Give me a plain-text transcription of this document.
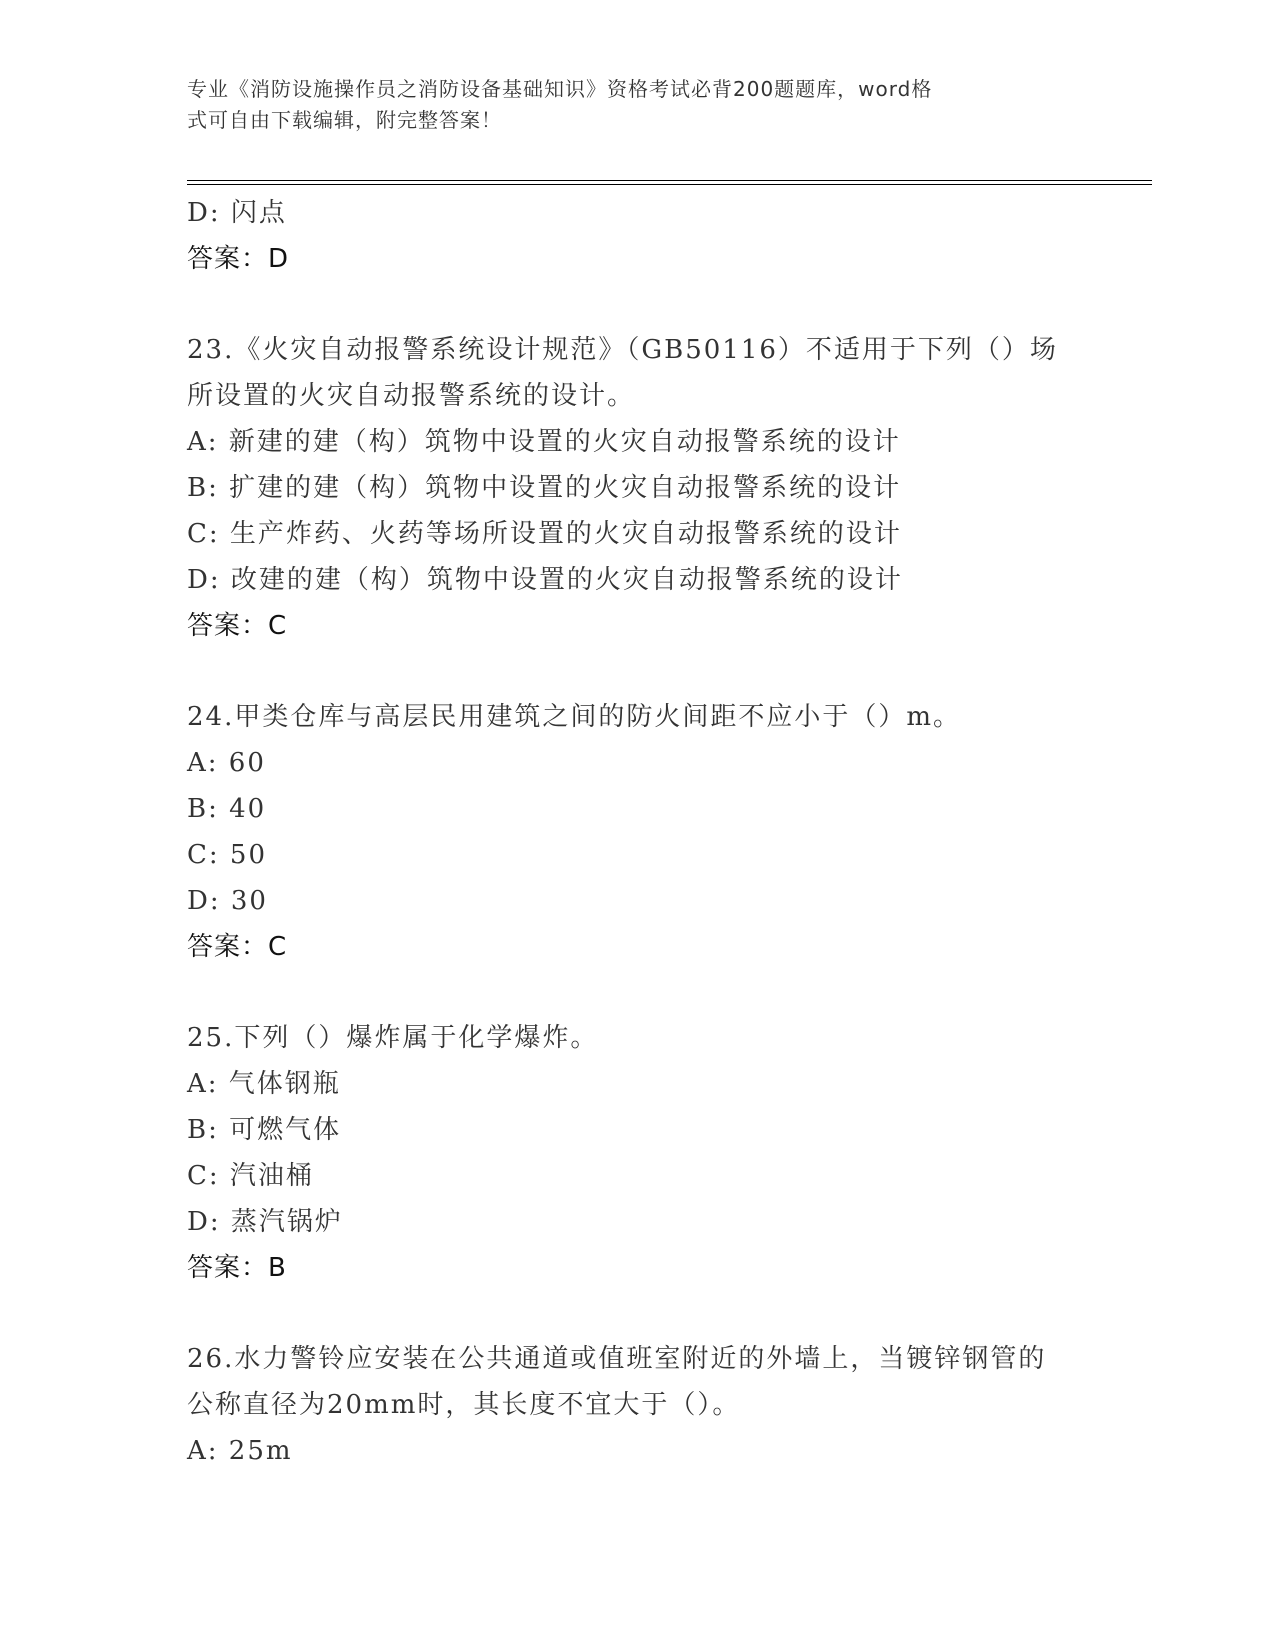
专业《消防设施操作员之消防设备基础知识》资格考试必背200题题库，word格
式可自由下载编辑，附完整答案！
D: 闪点
答案：D
23.《火灾自动报警系统设计规范》（GB50116）不适用于下列（）场
所设置的火灾自动报警系统的设计。
A: 新建的建（构）筑物中设置的火灾自动报警系统的设计
B: 扩建的建（构）筑物中设置的火灾自动报警系统的设计
C: 生产炸药、火药等场所设置的火灾自动报警系统的设计
D: 改建的建（构）筑物中设置的火灾自动报警系统的设计
答案：C
24.甲类仓库与高层民用建筑之间的防火间距不应小于（）m。
A: 60
B: 40
C: 50
D: 30
答案：C
25.下列（）爆炸属于化学爆炸。
A: 气体钢瓶
B: 可燃气体
C: 汽油桶
D: 蒸汽锅炉
答案：B
26.水力警铃应安装在公共通道或值班室附近的外墙上，当镀锌钢管的
公称直径为20mm时，其长度不宜大于（）。
A: 25m
